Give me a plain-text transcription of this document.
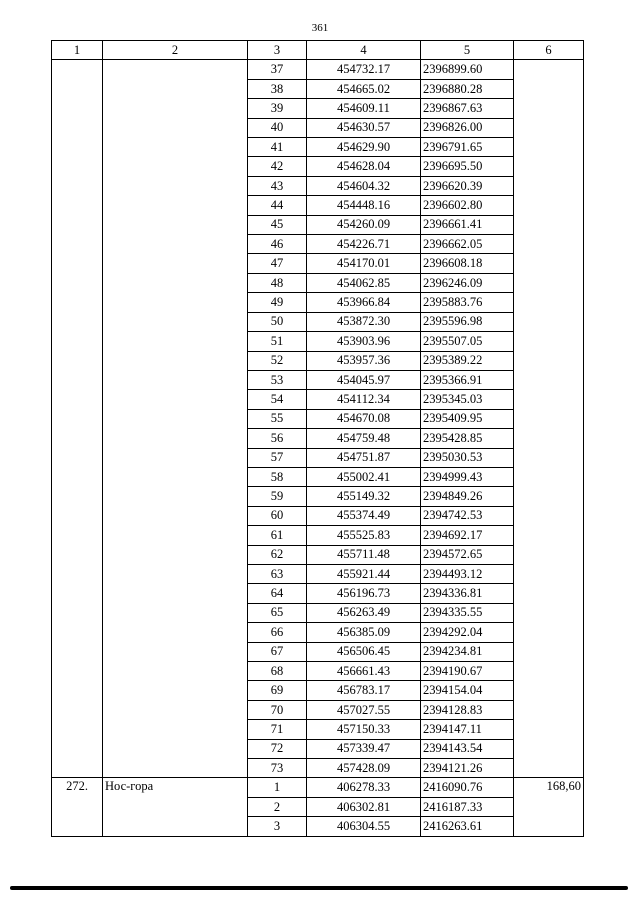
361
1	2	3	4	5	6
		37	454732.17	2396899.60	
		38	454665.02	2396880.28	
		39	454609.11	2396867.63	
		40	454630.57	2396826.00	
		41	454629.90	2396791.65	
		42	454628.04	2396695.50	
		43	454604.32	2396620.39	
		44	454448.16	2396602.80	
		45	454260.09	2396661.41	
		46	454226.71	2396662.05	
		47	454170.01	2396608.18	
		48	454062.85	2396246.09	
		49	453966.84	2395883.76	
		50	453872.30	2395596.98	
		51	453903.96	2395507.05	
		52	453957.36	2395389.22	
		53	454045.97	2395366.91	
		54	454112.34	2395345.03	
		55	454670.08	2395409.95	
		56	454759.48	2395428.85	
		57	454751.87	2395030.53	
		58	455002.41	2394999.43	
		59	455149.32	2394849.26	
		60	455374.49	2394742.53	
		61	455525.83	2394692.17	
		62	455711.48	2394572.65	
		63	455921.44	2394493.12	
		64	456196.73	2394336.81	
		65	456263.49	2394335.55	
		66	456385.09	2394292.04	
		67	456506.45	2394234.81	
		68	456661.43	2394190.67	
		69	456783.17	2394154.04	
		70	457027.55	2394128.83	
		71	457150.33	2394147.11	
		72	457339.47	2394143.54	
		73	457428.09	2394121.26	
272.	Нос-гора	1	406278.33	2416090.76	168,60
		2	406302.81	2416187.33	
		3	406304.55	2416263.61	
